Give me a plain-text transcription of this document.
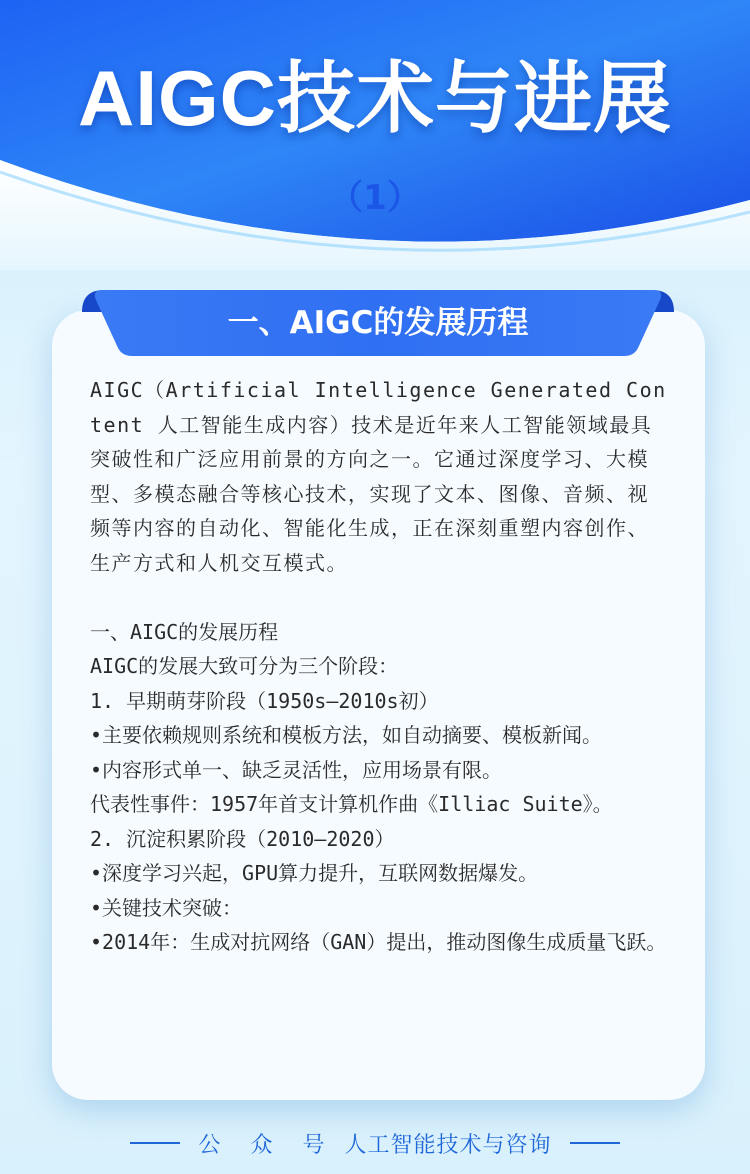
AIGC技术与进展
（1）
一、AIGC的发展历程

AIGC（Artificial Intelligence Generated Content 人工智能生成内容）技术是近年来人工智能领域最具突破性和广泛应用前景的方向之一。它通过深度学习、大模型、多模态融合等核心技术，实现了文本、图像、音频、视频等内容的自动化、智能化生成，正在深刻重塑内容创作、生产方式和人机交互模式。

一、AIGC的发展历程

AIGC的发展大致可分为三个阶段：

1. 早期萌芽阶段（1950s–2010s初）

•主要依赖规则系统和模板方法，如自动摘要、模板新闻。

•内容形式单一、缺乏灵活性，应用场景有限。

代表性事件：1957年首支计算机作曲《Illiac Suite》。

2. 沉淀积累阶段（2010–2020）

•深度学习兴起，GPU算力提升，互联网数据爆发。

•关键技术突破：

•2014年：生成对抗网络（GAN）提出，推动图像生成质量飞跃。

公众号
人工智能技术与咨询
